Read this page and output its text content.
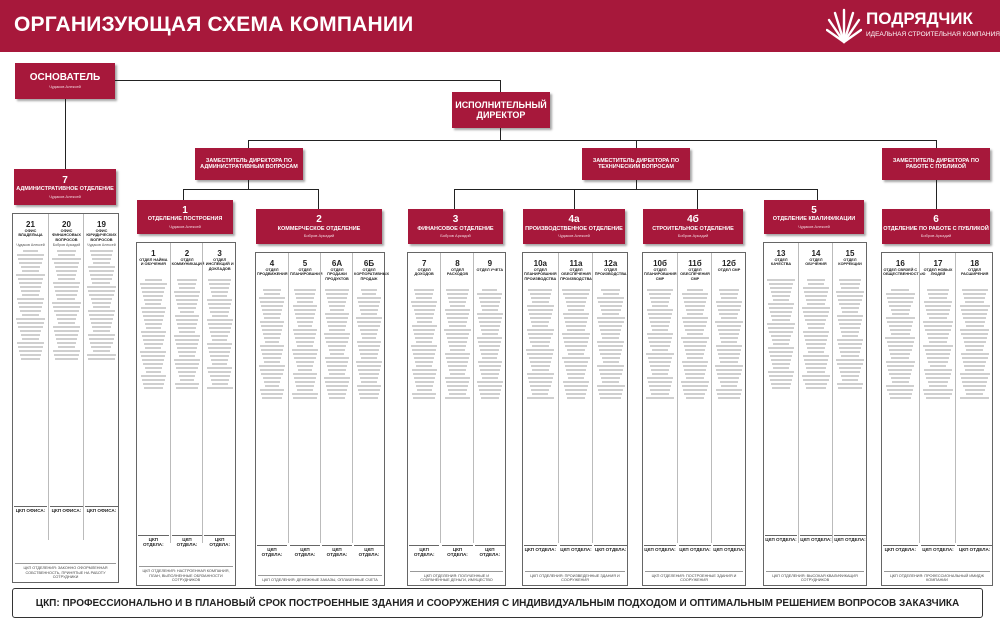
ОРГАНИЗУЮЩАЯ СХЕМА КОМПАНИИ	ПОДРЯДЧИК
ИДЕАЛЬНАЯ СТРОИТЕЛЬНАЯ КОМПАНИЯ
ОСНОВАТЕЛЬ
Чудаков Алексей
ИСПОЛНИТЕЛЬНЫЙ ДИРЕКТОР
ЗАМЕСТИТЕЛЬ ДИРЕКТОРА ПО АДМИНИСТРАТИВНЫМ ВОПРОСАМ
ЗАМЕСТИТЕЛЬ ДИРЕКТОРА ПО ТЕХНИЧЕСКИМ ВОПРОСАМ
ЗАМЕСТИТЕЛЬ ДИРЕКТОРА ПО РАБОТЕ С ПУБЛИКОЙ
7
АДМИНИСТРАТИВНОЕ ОТДЕЛЕНИЕ
Чудаков Алексей
1
ОТДЕЛЕНИЕ ПОСТРОЕНИЯ
Чудаков Алексей
2
КОММЕРЧЕСКОЕ ОТДЕЛЕНИЕ
Бобров Аркадий
3
ФИНАНСОВОЕ ОТДЕЛЕНИЕ
Бобров Аркадий
4а
ПРОИЗВОДСТВЕННОЕ ОТДЕЛЕНИЕ
Чудаков Алексей
4б
СТРОИТЕЛЬНОЕ ОТДЕЛЕНИЕ
Бобров Аркадий
5
ОТДЕЛЕНИЕ КВАЛИФИКАЦИИ
Чудаков Алексей
6
ОТДЕЛЕНИЕ ПО РАБОТЕ С ПУБЛИКОЙ
Бобров Аркадий
21
ОФИС ВЛАДЕЛЬЦА
Чудаков Алексей
ЦКП ОФИСА:
20
ОФИС ФИНАНСОВЫХ ВОПРОСОВ
Бобров Аркадий
ЦКП ОФИСА:
19
ОФИС ЮРИДИЧЕСКИХ ВОПРОСОВ
Чудаков Алексей
ЦКП ОФИСА:
ЦКП ОТДЕЛЕНИЯ: ЗАКОННО ОФОРМЛЕННАЯ СОБСТВЕННОСТЬ, ПРИНЯТЫЕ НА РАБОТУ СОТРУДНИКИ
1
ОТДЕЛ НАЙМА И ОБУЧЕНИЯ
ЦКП ОТДЕЛА:
2
ОТДЕЛ КОММУНИКАЦИЙ
ЦКП ОТДЕЛА:
3
ОТДЕЛ ИНСПЕКЦИЙ И ДОКЛАДОВ
ЦКП ОТДЕЛА:
ЦКП ОТДЕЛЕНИЯ: НАСТРОЕННАЯ КОМПАНИЯ, ПЛАН, ВЫПОЛНЕННЫЕ ОБЯЗАННОСТИ СОТРУДНИКОВ
4
ОТДЕЛ ПРОДВИЖЕНИЯ
ЦКП ОТДЕЛА:
5
ОТДЕЛ ПЛАНИРОВАНИЯ
ЦКП ОТДЕЛА:
6А
ОТДЕЛ ПРОДАЖИ ПРОДУКТОВ
ЦКП ОТДЕЛА:
6Б
ОТДЕЛ КОРПОРАТИВНЫХ ПРОДАЖ
ЦКП ОТДЕЛА:
ЦКП ОТДЕЛЕНИЯ: ДЕНЕЖНЫЕ ЗАКАЗЫ, ОПЛАЧЕННЫЕ СЧЕТА
7
ОТДЕЛ ДОХОДОВ
ЦКП ОТДЕЛА:
8
ОТДЕЛ РАСХОДОВ
ЦКП ОТДЕЛА:
9
ОТДЕЛ УЧЕТА
ЦКП ОТДЕЛА:
ЦКП ОТДЕЛЕНИЯ: ПОЛУЧЕННЫЕ И СОХРАНЕННЫЕ ДЕНЬГИ, ИМУЩЕСТВО
10а
ОТДЕЛ ПЛАНИРОВАНИЯ ПРОИЗВОДСТВА
ЦКП ОТДЕЛА:
11а
ОТДЕЛ ОБЕСПЕЧЕНИЯ ПРОИЗВОДСТВА
ЦКП ОТДЕЛА:
12а
ОТДЕЛ ПРОИЗВОДСТВА
ЦКП ОТДЕЛА:
ЦКП ОТДЕЛЕНИЯ: ПРОИЗВЕДЕННЫЕ ЗДАНИЯ И СООРУЖЕНИЯ
10б
ОТДЕЛ ПЛАНИРОВАНИЯ СМР
ЦКП ОТДЕЛА:
11б
ОТДЕЛ ОБЕСПЕЧЕНИЯ СМР
ЦКП ОТДЕЛА:
12б
ОТДЕЛ СМР
ЦКП ОТДЕЛА:
ЦКП ОТДЕЛЕНИЯ: ПОСТРОЕННЫЕ ЗДАНИЯ И СООРУЖЕНИЯ
13
ОТДЕЛ КАЧЕСТВА
ЦКП ОТДЕЛА:
14
ОТДЕЛ ОБУЧЕНИЯ
ЦКП ОТДЕЛА:
15
ОТДЕЛ КОРРЕКЦИИ
ЦКП ОТДЕЛА:
ЦКП ОТДЕЛЕНИЯ: ВЫСОКАЯ КВАЛИФИКАЦИЯ СОТРУДНИКОВ
16
ОТДЕЛ СВЯЗЕЙ С ОБЩЕСТВЕННОСТЬЮ
ЦКП ОТДЕЛА:
17
ОТДЕЛ НОВЫХ ЛЮДЕЙ
ЦКП ОТДЕЛА:
18
ОТДЕЛ РАСШИРЕНИЯ
ЦКП ОТДЕЛА:
ЦКП ОТДЕЛЕНИЯ: ПРОФЕССИОНАЛЬНЫЙ ИМИДЖ КОМПАНИИ
ЦКП: ПРОФЕССИОНАЛЬНО И В ПЛАНОВЫЙ СРОК ПОСТРОЕННЫЕ ЗДАНИЯ И СООРУЖЕНИЯ С ИНДИВИДУАЛЬНЫМ ПОДХОДОМ И ОПТИМАЛЬНЫМ РЕШЕНИЕМ ВОПРОСОВ ЗАКАЗЧИКА
